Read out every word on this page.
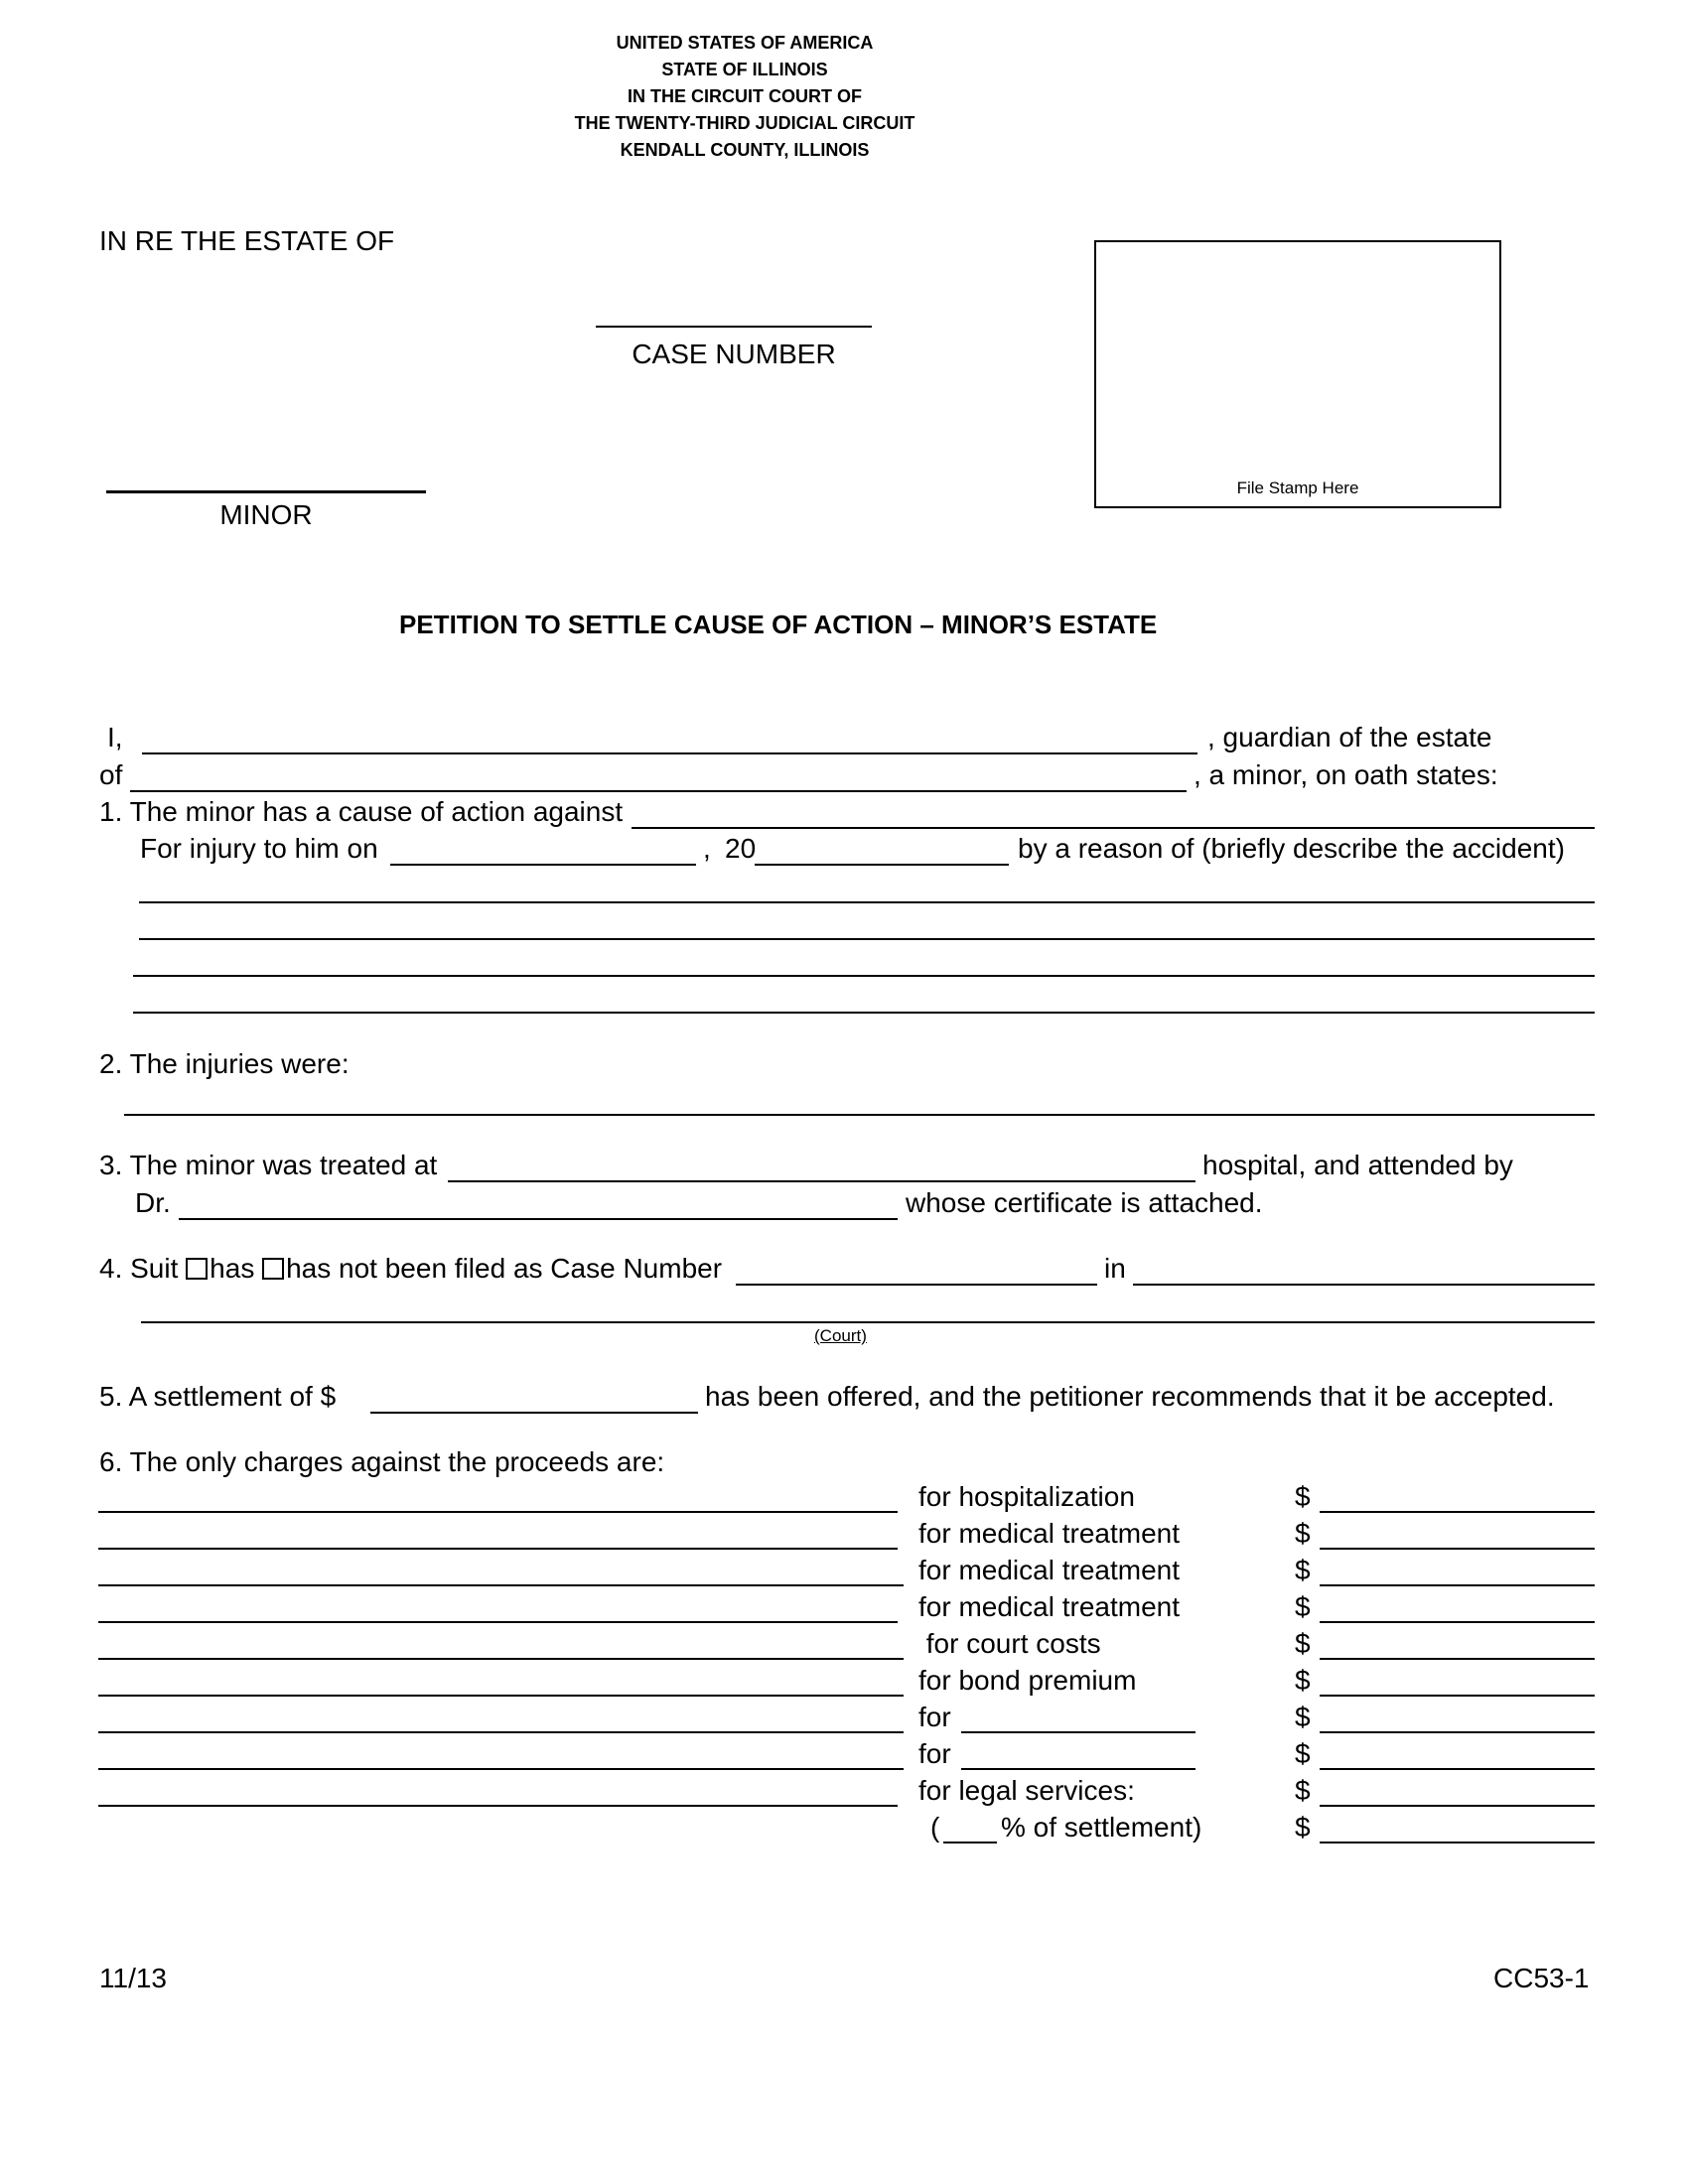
UNITED STATES OF AMERICA
STATE OF ILLINOIS
IN THE CIRCUIT COURT OF
THE TWENTY-THIRD JUDICIAL CIRCUIT
KENDALL COUNTY, ILLINOIS
IN RE THE ESTATE OF
CASE NUMBER
MINOR
File Stamp Here
PETITION TO SETTLE CAUSE OF ACTION – MINOR’S ESTATE
I,	, guardian of the estate
of	, a minor, on oath states:
1. The minor has a cause of action against
For injury to him on	, 20	by a reason of (briefly describe the accident)
2. The injuries were:
3. The minor was treated at	hospital, and attended by
Dr.	whose certificate is attached.
4. Suit has has not been filed as Case Number	in
(Court)
5. A settlement of $	has been offered, and the petitioner recommends that it be accepted.
6. The only charges against the proceeds are:
for hospitalization	$
for medical treatment	$
for medical treatment	$
for medical treatment	$
for court costs	$
for bond premium	$
for	$
for	$
for legal services:	$
( % of settlement)	$
11/13	CC53-1
